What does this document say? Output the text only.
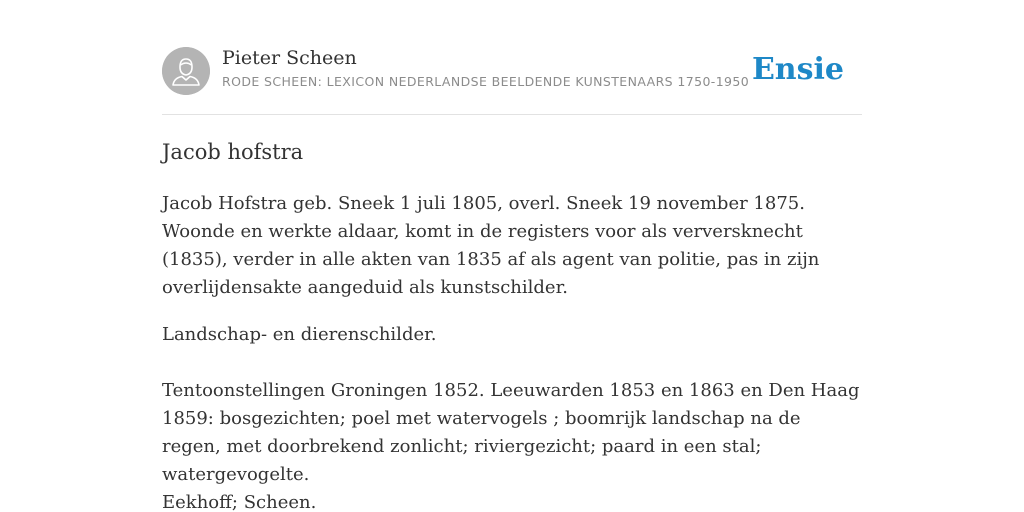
Pieter Scheen
RODE SCHEEN: LEXICON NEDERLANDSE BEELDENDE KUNSTENAARS 1750-1950 Ensie
Jacob hofstra

Jacob Hofstra geb. Sneek 1 juli 1805, overl. Sneek 19 november 1875. Woonde en werkte aldaar, komt in de registers voor als verversknecht (1835), verder in alle akten van 1835 af als agent van politie, pas in zijn overlijdensakte aangeduid als kunstschilder.

Landschap- en dierenschilder.

Tentoonstellingen Groningen 1852. Leeuwarden 1853 en 1863 en Den Haag 1859: bosgezichten; poel met watervogels ; boomrijk landschap na de regen, met doorbrekend zonlicht; riviergezicht; paard in een stal; watergevogelte.

Eekhoff; Scheen.
